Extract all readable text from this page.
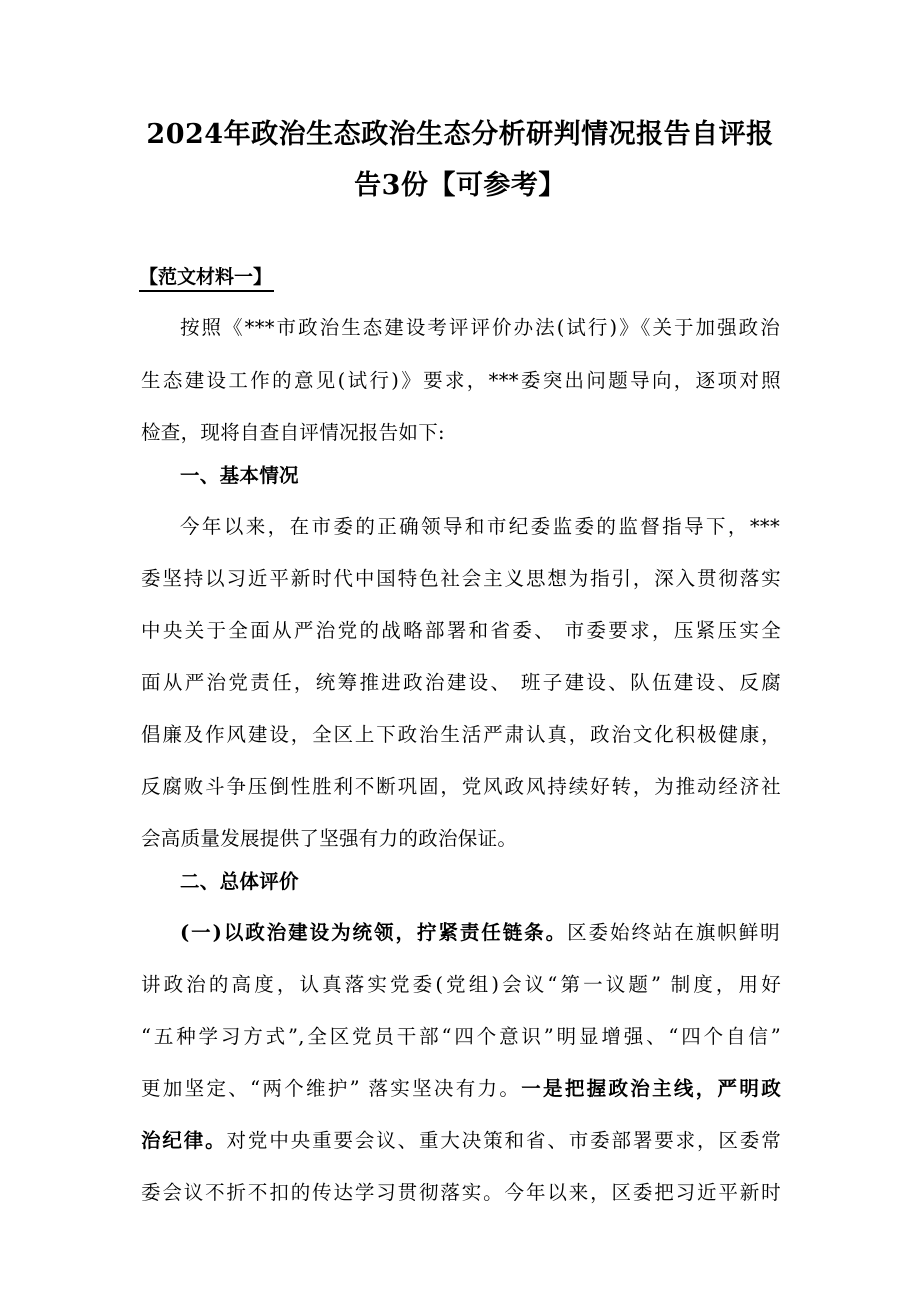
2024年政治生态政治生态分析研判情况报告自评报
告3份【可参考】
【范文材料一】
按照《***市政治生态建设考评评价办法(试行)》《关于加强政治
生态建设工作的意见(试行)》要求，***委突出问题导向，逐项对照
检查，现将自查自评情况报告如下:
一、基本情况
今年以来，在市委的正确领导和市纪委监委的监督指导下，***
委坚持以习近平新时代中国特色社会主义思想为指引，深入贯彻落实
中央关于全面从严治党的战略部署和省委、 市委要求，压紧压实全
面从严治党责任，统筹推进政治建设、 班子建设、队伍建设、反腐
倡廉及作风建设，全区上下政治生活严肃认真，政治文化积极健康，
反腐败斗争压倒性胜利不断巩固，党风政风持续好转，为推动经济社
会高质量发展提供了坚强有力的政治保证。
二、总体评价
(一)以政治建设为统领，拧紧责任链条。区委始终站在旗帜鲜明
讲政治的高度，认真落实党委(党组)会议“第一议题” 制度，用好
“五种学习方式”,全区党员干部“四个意识”明显增强、“四个自信”
更加坚定、“两个维护” 落实坚决有力。一是把握政治主线，严明政
治纪律。对党中央重要会议、重大决策和省、市委部署要求，区委常
委会议不折不扣的传达学习贯彻落实。今年以来，区委把习近平新时
